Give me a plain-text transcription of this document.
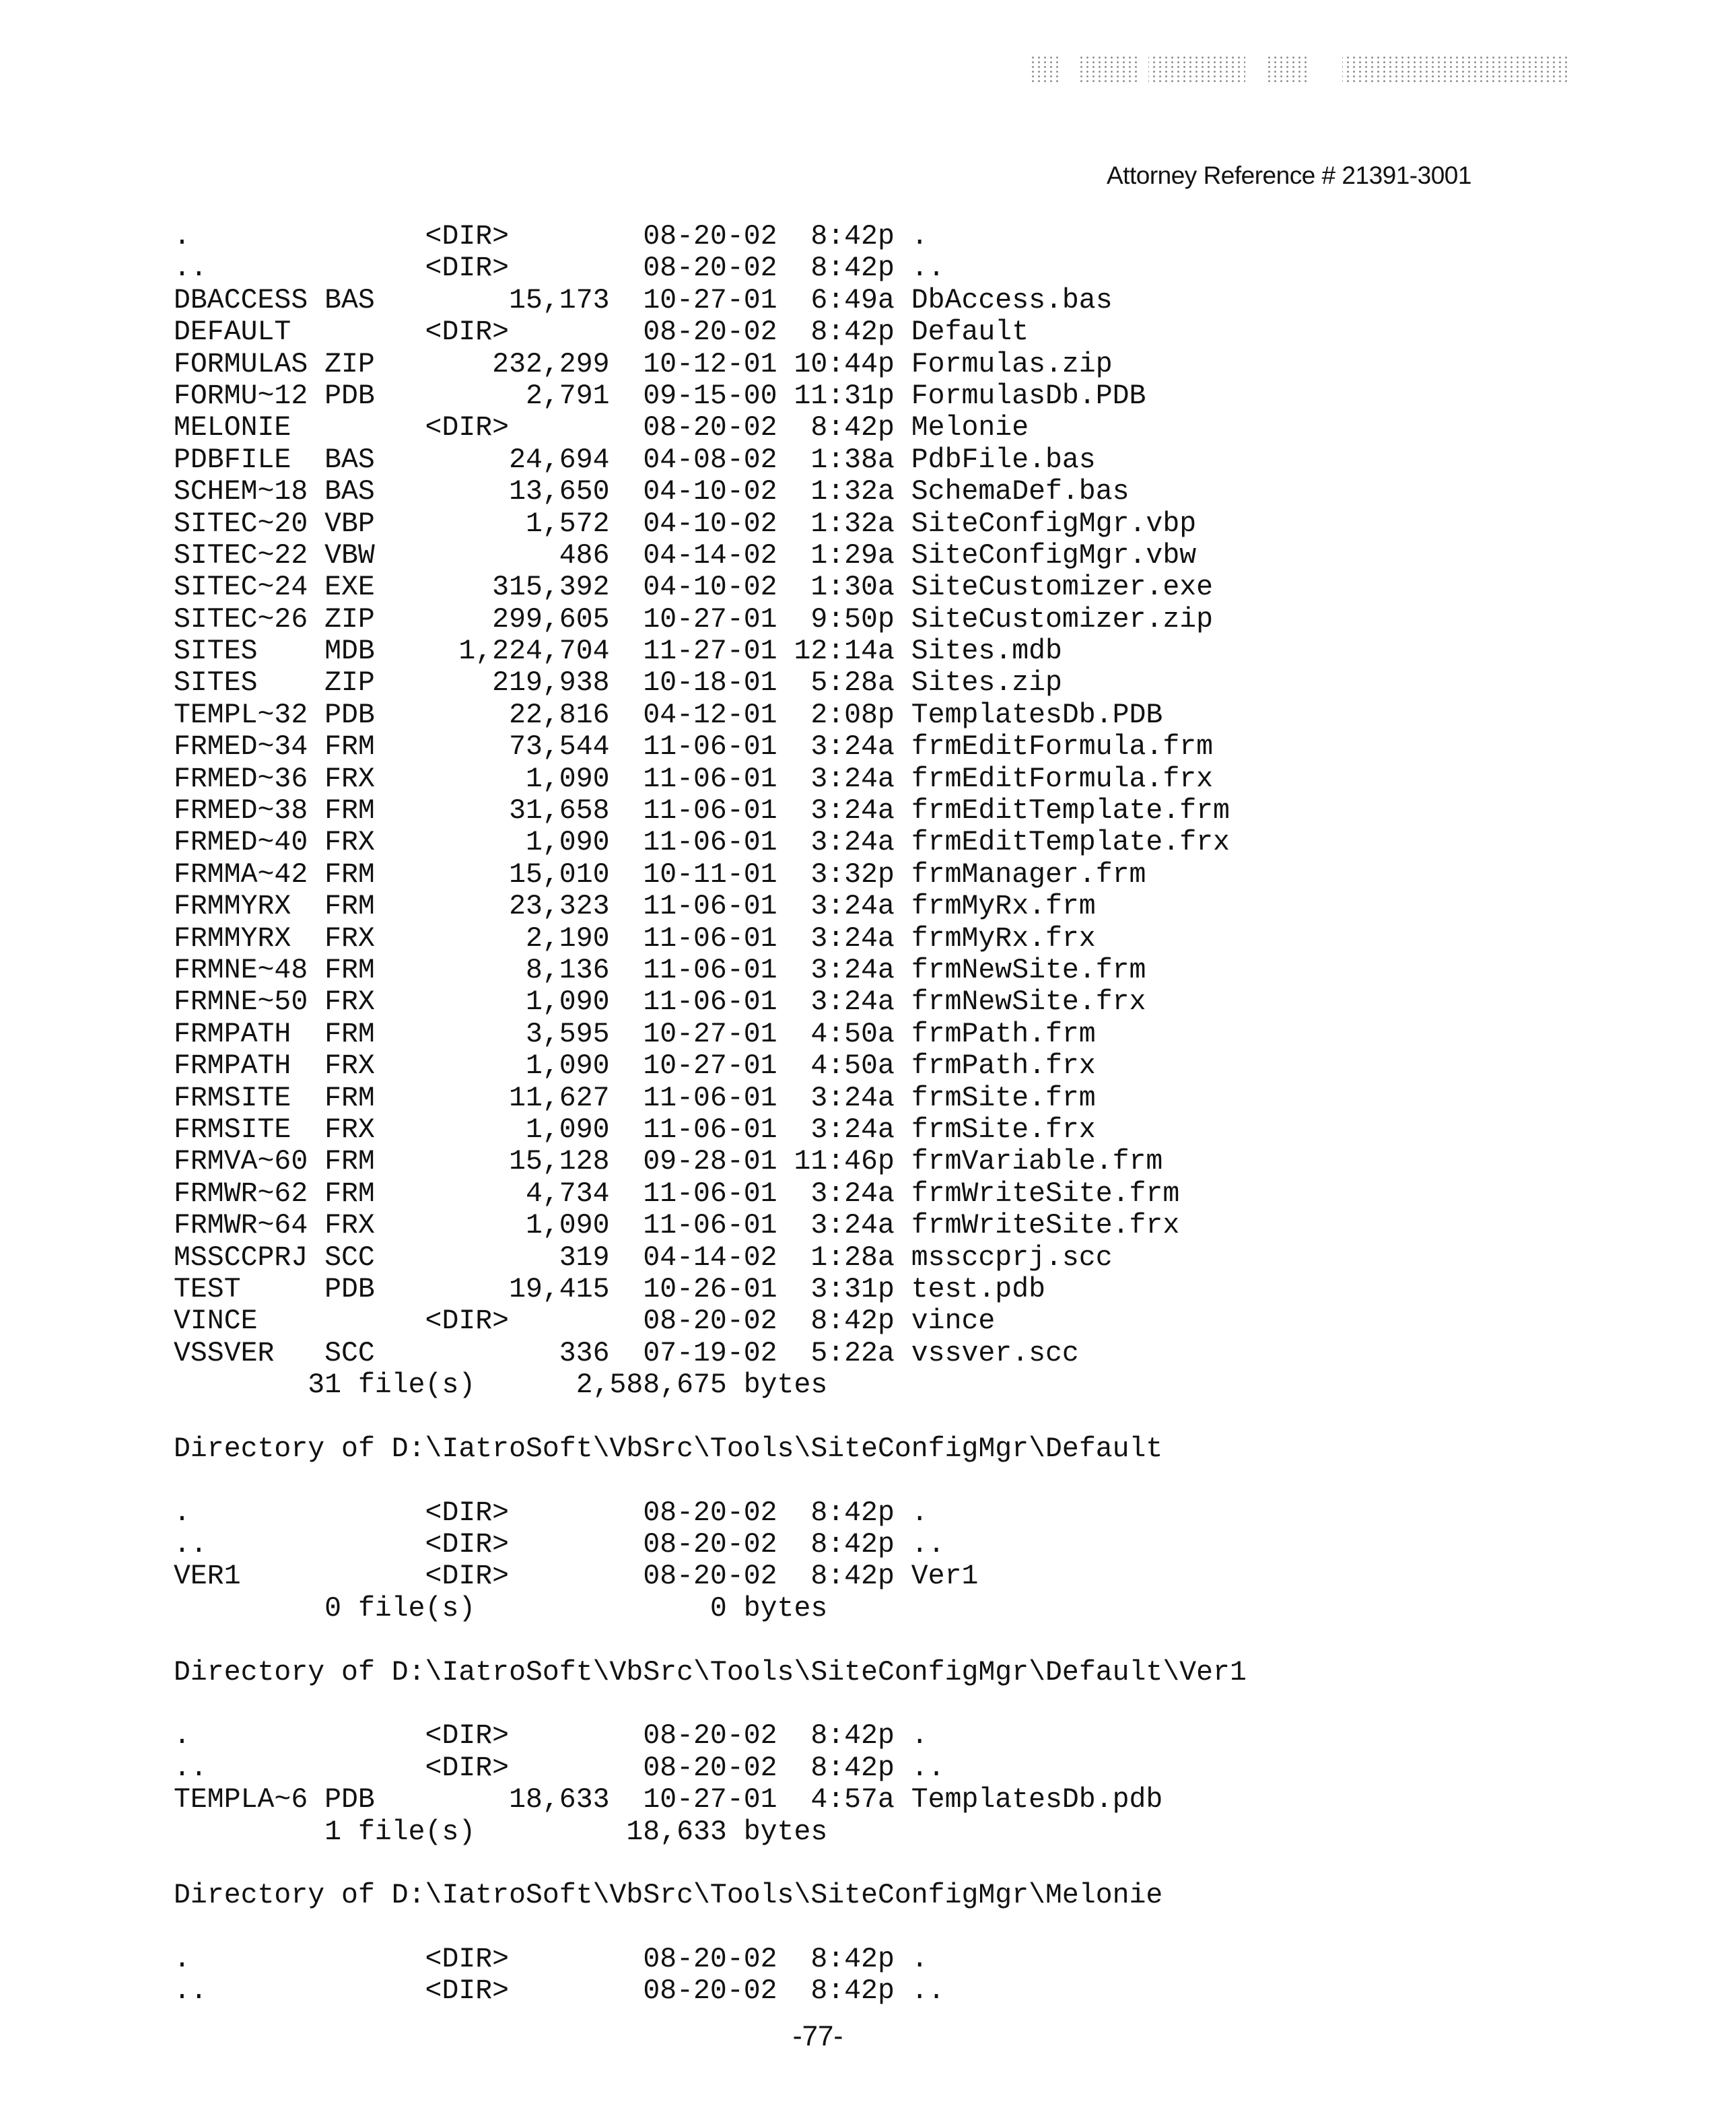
Attorney Reference # 21391-3001
.	<DIR>	08-20-02 8:42p .
..	<DIR>	08-20-02 8:42p ..
DBACCESS BAS	15,173 10-27-01 6:49a DbAccess.bas
DEFAULT	<DIR>	08-20-02 8:42p Default
FORMULAS ZIP	232,299 10-12-01 10:44p Formulas.zip
FORMU~12 PDB	2,791 09-15-00 11:31p FormulasDb.PDB
MELONIE	<DIR>	08-20-02 8:42p Melonie
PDBFILE BAS	24,694 04-08-02 1:38a PdbFile.bas
SCHEM~18 BAS	13,650 04-10-02 1:32a SchemaDef.bas
SITEC~20 VBP	1,572 04-10-02 1:32a SiteConfigMgr.vbp
SITEC~22 VBW	486 04-14-02 1:29a SiteConfigMgr.vbw
SITEC~24 EXE	315,392 04-10-02 1:30a SiteCustomizer.exe
SITEC~26 ZIP	299,605 10-27-01 9:50p SiteCustomizer.zip
SITES MDB	1,224,704 11-27-01 12:14a Sites.mdb
SITES ZIP	219,938 10-18-01 5:28a Sites.zip
TEMPL~32 PDB	22,816 04-12-01 2:08p TemplatesDb.PDB
FRMED~34 FRM	73,544 11-06-01 3:24a frmEditFormula.frm
FRMED~36 FRX	1,090 11-06-01 3:24a frmEditFormula.frx
FRMED~38 FRM	31,658 11-06-01 3:24a frmEditTemplate.frm
FRMED~40 FRX	1,090 11-06-01 3:24a frmEditTemplate.frx
FRMMA~42 FRM	15,010 10-11-01 3:32p frmManager.frm
FRMMYRX FRM	23,323 11-06-01 3:24a frmMyRx.frm
FRMMYRX FRX	2,190 11-06-01 3:24a frmMyRx.frx
FRMNE~48 FRM	8,136 11-06-01 3:24a frmNewSite.frm
FRMNE~50 FRX	1,090 11-06-01 3:24a frmNewSite.frx
FRMPATH FRM	3,595 10-27-01 4:50a frmPath.frm
FRMPATH FRX	1,090 10-27-01 4:50a frmPath.frx
FRMSITE FRM	11,627 11-06-01 3:24a frmSite.frm
FRMSITE FRX	1,090 11-06-01 3:24a frmSite.frx
FRMVA~60 FRM	15,128 09-28-01 11:46p frmVariable.frm
FRMWR~62 FRM	4,734 11-06-01 3:24a frmWriteSite.frm
FRMWR~64 FRX	1,090 11-06-01 3:24a frmWriteSite.frx
MSSCCPRJ SCC	319 04-14-02 1:28a mssccprj.scc
TEST	PDB	19,415 10-26-01 3:31p test.pdb
VINCE	<DIR>	08-20-02 8:42p vince
VSSVER SCC	336 07-19-02 5:22a vssver.scc
31 file(s)	2,588,675 bytes
Directory of D:\IatroSoft\VbSrc\Tools\SiteConfigMgr\Default
.	<DIR>	08-20-02 8:42p .
..	<DIR>	08-20-02 8:42p ..
VER1	<DIR>	08-20-02 8:42p Ver1
0 file(s)	0 bytes
Directory of D:\IatroSoft\VbSrc\Tools\SiteConfigMgr\Default\Ver1
.	<DIR>	08-20-02 8:42p .
..	<DIR>	08-20-02 8:42p ..
TEMPLA~6 PDB	18,633 10-27-01 4:57a TemplatesDb.pdb
1 file(s)	18,633 bytes
Directory of D:\IatroSoft\VbSrc\Tools\SiteConfigMgr\Melonie
.	<DIR>	08-20-02 8:42p .
..	<DIR>	08-20-02 8:42p ..
-77-
